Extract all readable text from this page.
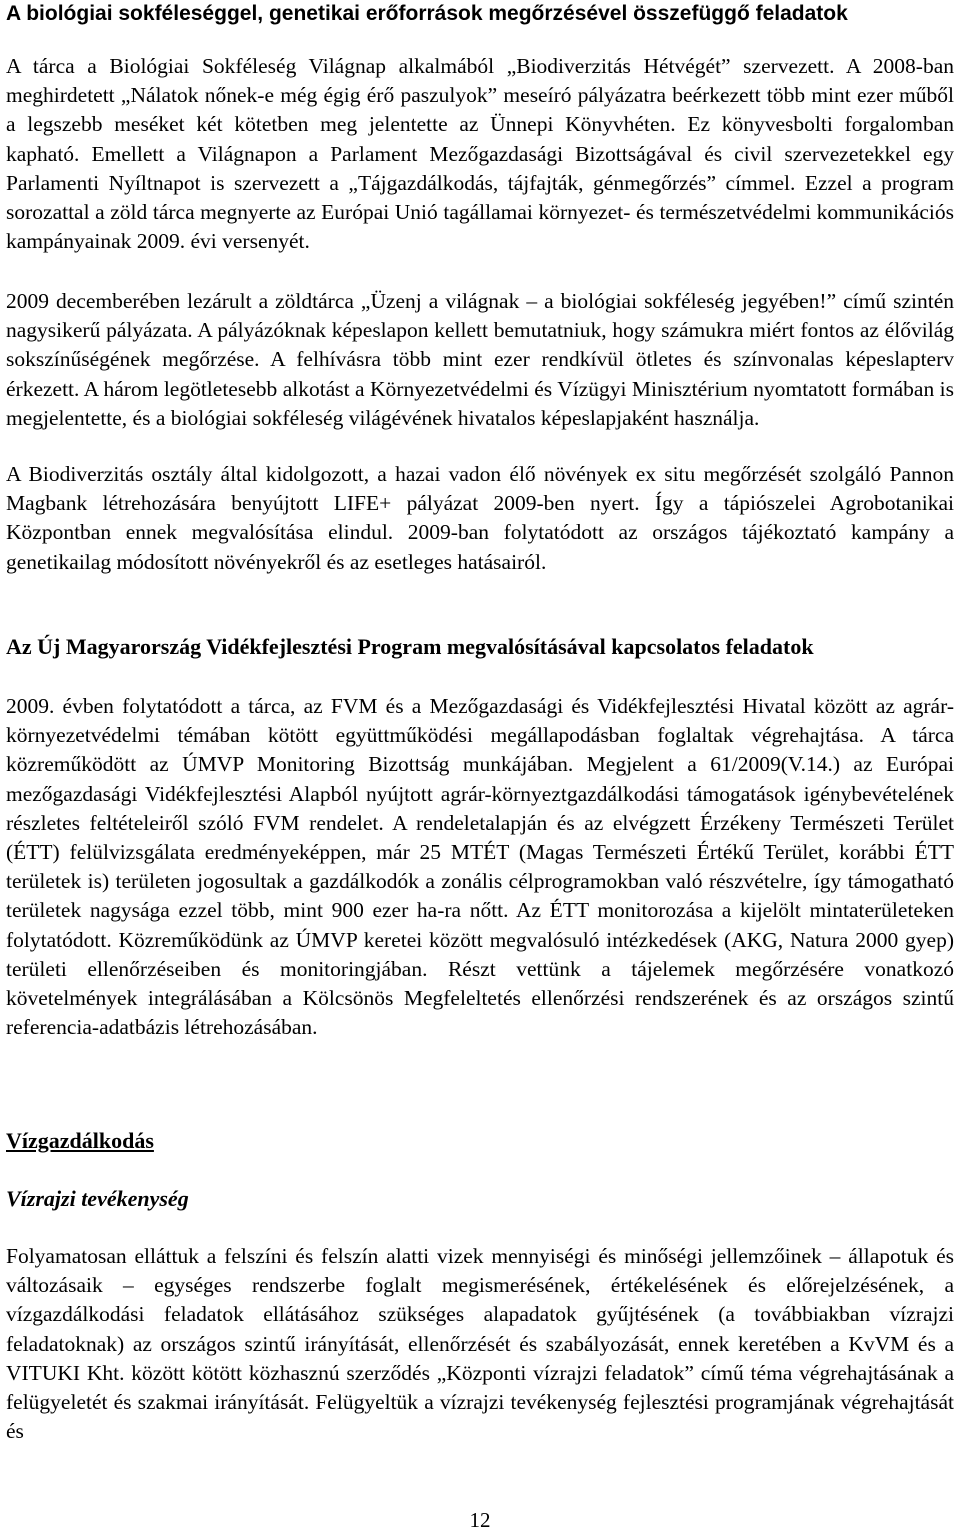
A biológiai sokféleséggel, genetikai erőforrások megőrzésével összefüggő feladatok
A tárca a Biológiai Sokféleség Világnap alkalmából „Biodiverzitás Hétvégét” szervezett. A 2008-ban meghirdetett „Nálatok nőnek-e még égig érő paszulyok” meseíró pályázatra beérkezett több mint ezer műből a legszebb meséket két kötetben meg jelentette az Ünnepi Könyvhéten. Ez könyvesbolti forgalomban kapható. Emellett a Világnapon a Parlament Mezőgazdasági Bizottságával és civil szervezetekkel egy Parlamenti Nyíltnapot is szervezett a „Tájgazdálkodás, tájfajták, génmegőrzés” címmel. Ezzel a program sorozattal a zöld tárca megnyerte az Európai Unió tagállamai környezet- és természetvédelmi kommunikációs kampányainak 2009. évi versenyét.
2009 decemberében lezárult a zöldtárca „Üzenj a világnak – a biológiai sokféleség jegyében!” című szintén nagysikerű pályázata. A pályázóknak képeslapon kellett bemutatniuk, hogy számukra miért fontos az élővilág sokszínűségének megőrzése. A felhívásra több mint ezer rendkívül ötletes és színvonalas képeslapterv érkezett. A három legötletesebb alkotást a Környezetvédelmi és Vízügyi Minisztérium nyomtatott formában is megjelentette, és a biológiai sokféleség világévének hivatalos képeslapjaként használja.
A Biodiverzitás osztály által kidolgozott, a hazai vadon élő növények ex situ megőrzését szolgáló Pannon Magbank létrehozására benyújtott LIFE+ pályázat 2009-ben nyert. Így a tápiószelei Agrobotanikai Központban ennek megvalósítása elindul. 2009-ban folytatódott az országos tájékoztató kampány a genetikailag módosított növényekről és az esetleges hatásairól.
Az Új Magyarország Vidékfejlesztési Program megvalósításával kapcsolatos feladatok
2009. évben folytatódott a tárca, az FVM és a Mezőgazdasági és Vidékfejlesztési Hivatal között az agrár-környezetvédelmi témában kötött együttműködési megállapodásban foglaltak végrehajtása. A tárca közreműködött az ÚMVP Monitoring Bizottság munkájában. Megjelent a 61/2009(V.14.) az Európai mezőgazdasági Vidékfejlesztési Alapból nyújtott agrár-környeztgazdálkodási támogatások igénybevételének részletes feltételeiről szóló FVM rendelet. A rendeletalapján és az elvégzett Érzékeny Természeti Terület (ÉTT) felülvizsgálata eredményeképpen, már 25 MTÉT (Magas Természeti Értékű Terület, korábbi ÉTT területek is) területen jogosultak a gazdálkodók a zonális célprogramokban való részvételre, így támogatható területek nagysága ezzel több, mint 900 ezer ha-ra nőtt. Az ÉTT monitorozása a kijelölt mintaterületeken folytatódott. Közreműködünk az ÚMVP keretei között megvalósuló intézkedések (AKG, Natura 2000 gyep) területi ellenőrzéseiben és monitoringjában. Részt vettünk a tájelemek megőrzésére vonatkozó követelmények integrálásában a Kölcsönös Megfeleltetés ellenőrzési rendszerének és az országos szintű referencia-adatbázis létrehozásában.
Vízgazdálkodás
Vízrajzi tevékenység
Folyamatosan elláttuk a felszíni és felszín alatti vizek mennyiségi és minőségi jellemzőinek – állapotuk és változásaik – egységes rendszerbe foglalt megismerésének, értékelésének és előrejelzésének, a vízgazdálkodási feladatok ellátásához szükséges alapadatok gyűjtésének (a továbbiakban vízrajzi feladatoknak) az országos szintű irányítását, ellenőrzését és szabályozását, ennek keretében a KvVM és a VITUKI Kht. között kötött közhasznú szerződés „Központi vízrajzi feladatok” című téma végrehajtásának a felügyeletét és szakmai irányítását. Felügyeltük a vízrajzi tevékenység fejlesztési programjának végrehajtását és
12
